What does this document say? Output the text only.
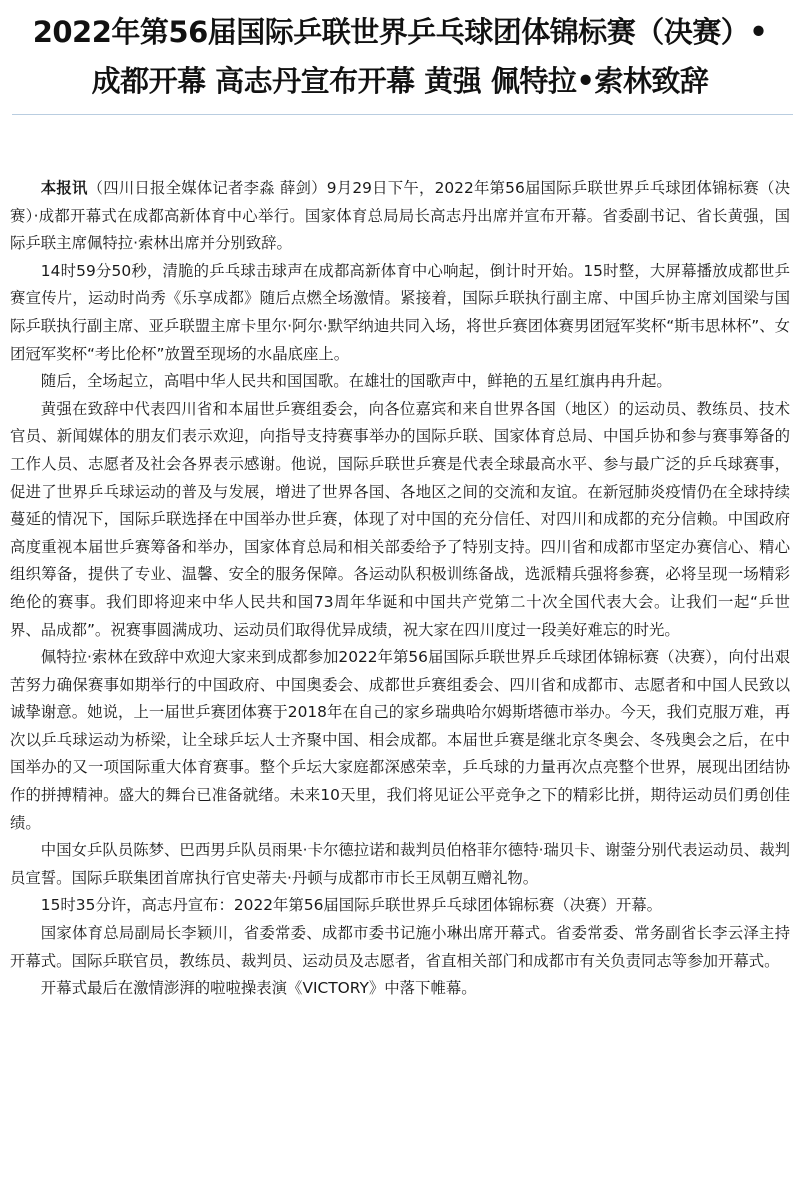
2022年第56届国际乒联世界乒乓球团体锦标赛（决赛）•
成都开幕 高志丹宣布开幕 黄强 佩特拉•索林致辞

本报讯（四川日报全媒体记者李淼 薛剑）9月29日下午，2022年第56届国际乒联世界乒乓球团体锦标赛（决赛）·成都开幕式在成都高新体育中心举行。国家体育总局局长高志丹出席并宣布开幕。省委副书记、省长黄强，国际乒联主席佩特拉·索林出席并分别致辞。

14时59分50秒，清脆的乒乓球击球声在成都高新体育中心响起，倒计时开始。15时整，大屏幕播放成都世乒赛宣传片，运动时尚秀《乐享成都》随后点燃全场激情。紧接着，国际乒联执行副主席、中国乒协主席刘国梁与国际乒联执行副主席、亚乒联盟主席卡里尔·阿尔·默罕纳迪共同入场，将世乒赛团体赛男团冠军奖杯“斯韦思林杯”、女团冠军奖杯“考比伦杯”放置至现场的水晶底座上。

随后，全场起立，高唱中华人民共和国国歌。在雄壮的国歌声中，鲜艳的五星红旗冉冉升起。

黄强在致辞中代表四川省和本届世乒赛组委会，向各位嘉宾和来自世界各国（地区）的运动员、教练员、技术官员、新闻媒体的朋友们表示欢迎，向指导支持赛事举办的国际乒联、国家体育总局、中国乒协和参与赛事筹备的工作人员、志愿者及社会各界表示感谢。他说，国际乒联世乒赛是代表全球最高水平、参与最广泛的乒乓球赛事，促进了世界乒乓球运动的普及与发展，增进了世界各国、各地区之间的交流和友谊。在新冠肺炎疫情仍在全球持续蔓延的情况下，国际乒联选择在中国举办世乒赛，体现了对中国的充分信任、对四川和成都的充分信赖。中国政府高度重视本届世乒赛筹备和举办，国家体育总局和相关部委给予了特别支持。四川省和成都市坚定办赛信心、精心组织筹备，提供了专业、温馨、安全的服务保障。各运动队积极训练备战，选派精兵强将参赛，必将呈现一场精彩绝伦的赛事。我们即将迎来中华人民共和国73周年华诞和中国共产党第二十次全国代表大会。让我们一起“乒世界、品成都”。祝赛事圆满成功、运动员们取得优异成绩，祝大家在四川度过一段美好难忘的时光。

佩特拉·索林在致辞中欢迎大家来到成都参加2022年第56届国际乒联世界乒乓球团体锦标赛（决赛），向付出艰苦努力确保赛事如期举行的中国政府、中国奥委会、成都世乒赛组委会、四川省和成都市、志愿者和中国人民致以诚挚谢意。她说，上一届世乒赛团体赛于2018年在自己的家乡瑞典哈尔姆斯塔德市举办。今天，我们克服万难，再次以乒乓球运动为桥梁，让全球乒坛人士齐聚中国、相会成都。本届世乒赛是继北京冬奥会、冬残奥会之后，在中国举办的又一项国际重大体育赛事。整个乒坛大家庭都深感荣幸，乒乓球的力量再次点亮整个世界，展现出团结协作的拼搏精神。盛大的舞台已准备就绪。未来10天里，我们将见证公平竞争之下的精彩比拼，期待运动员们勇创佳绩。

中国女乒队员陈梦、巴西男乒队员雨果·卡尔德拉诺和裁判员伯格菲尔德特·瑞贝卡、谢蓥分别代表运动员、裁判员宣誓。国际乒联集团首席执行官史蒂夫·丹顿与成都市市长王凤朝互赠礼物。

15时35分许，高志丹宣布：2022年第56届国际乒联世界乒乓球团体锦标赛（决赛）开幕。

国家体育总局副局长李颖川，省委常委、成都市委书记施小琳出席开幕式。省委常委、常务副省长李云泽主持开幕式。国际乒联官员，教练员、裁判员、运动员及志愿者，省直相关部门和成都市有关负责同志等参加开幕式。

开幕式最后在激情澎湃的啦啦操表演《VICTORY》中落下帷幕。
